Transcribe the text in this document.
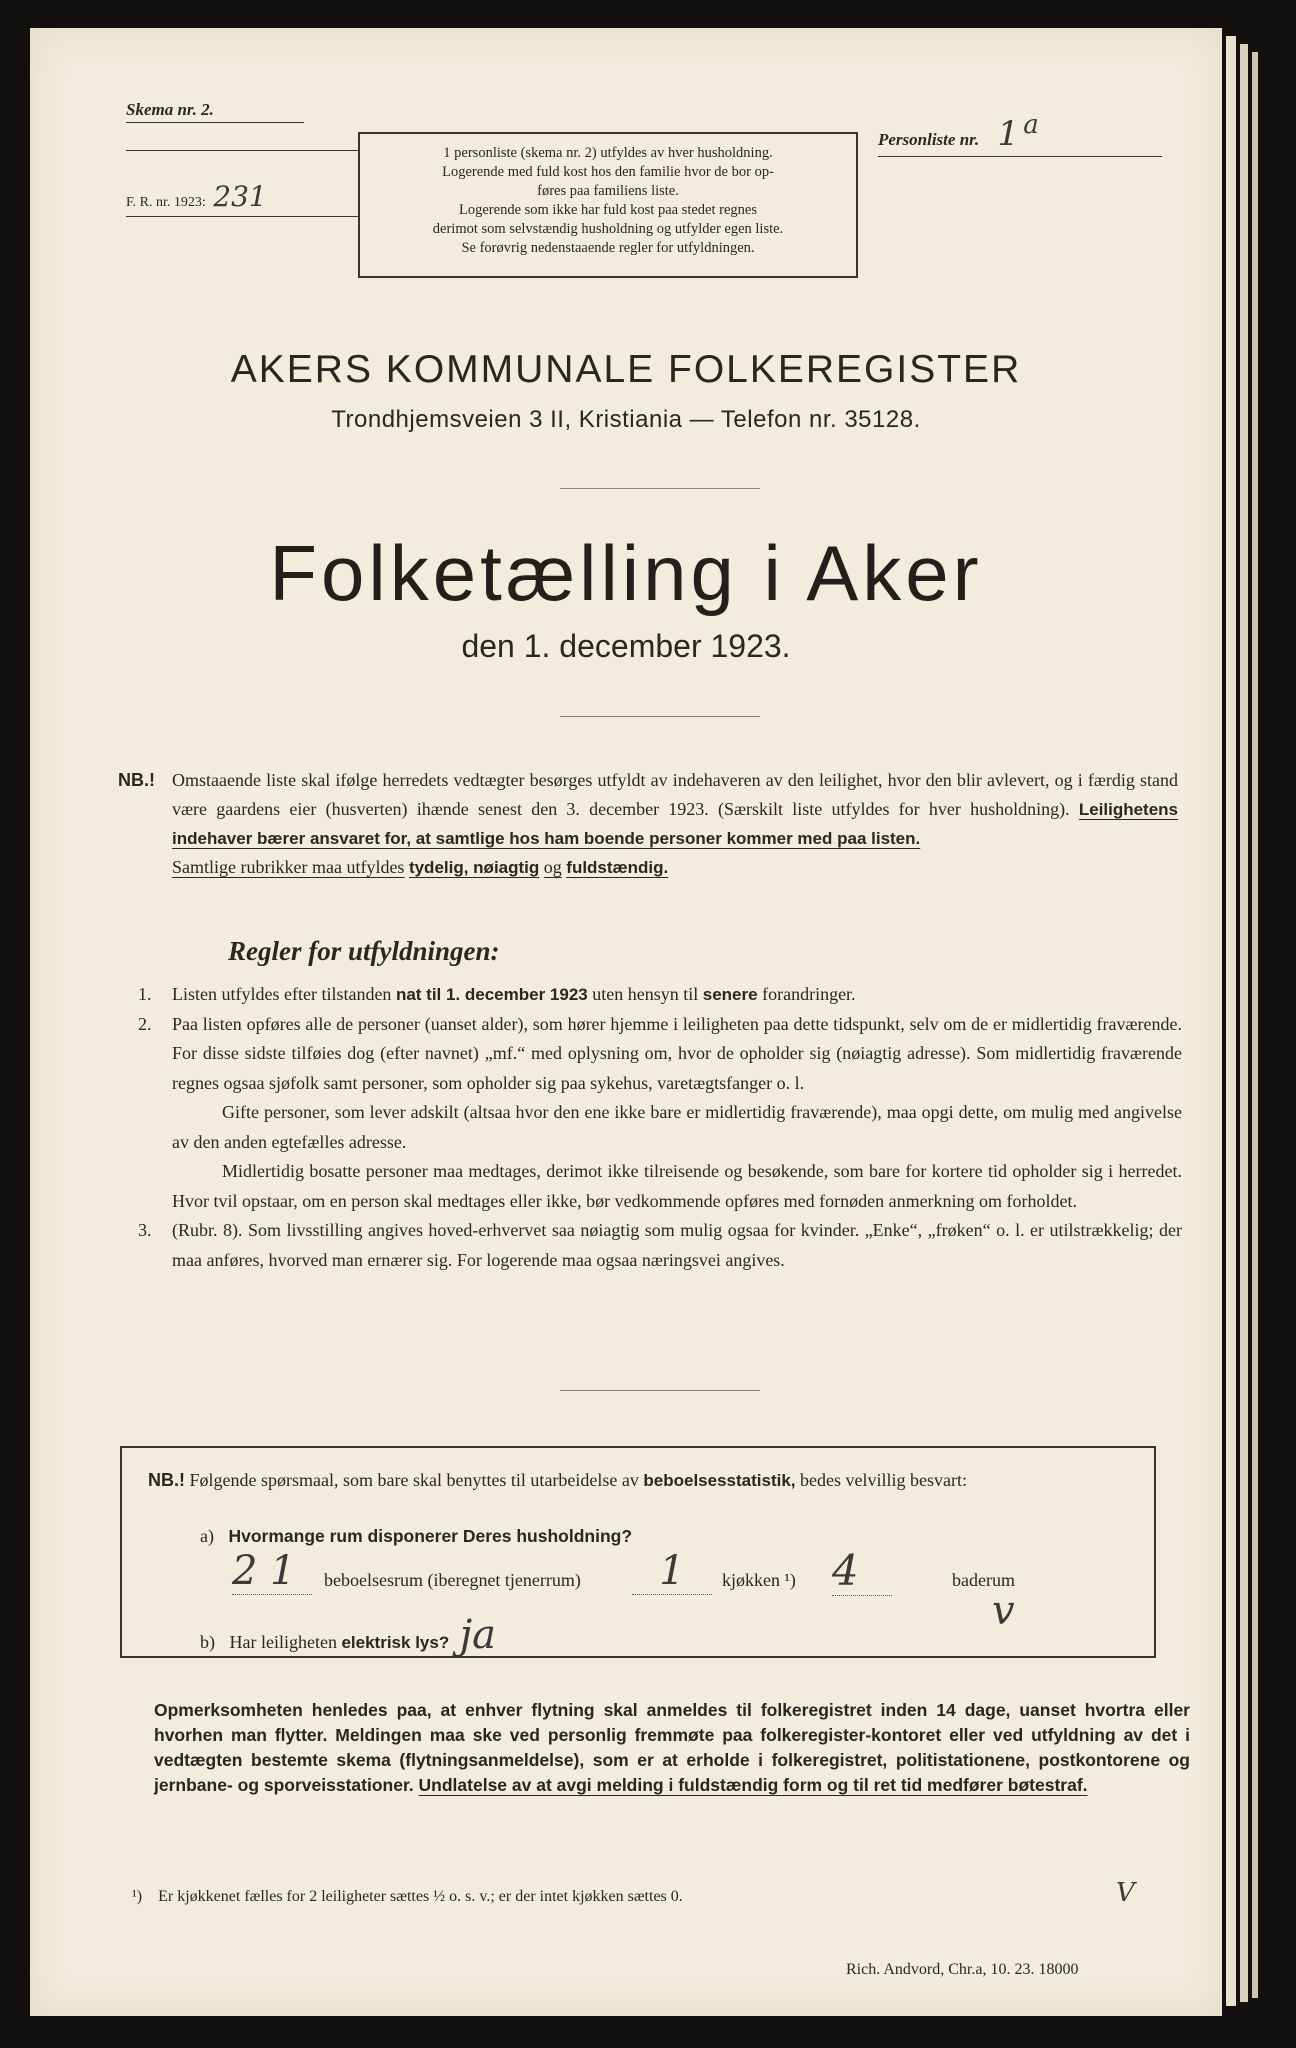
Skema nr. 2.
F. R. nr. 1923: 231
1 personliste (skema nr. 2) utfyldes av hver husholdning.
Logerende med fuld kost hos den familie hvor de bor op-
føres paa familiens liste.
Logerende som ikke har fuld kost paa stedet regnes
derimot som selvstændig husholdning og utfylder egen liste.
Se forøvrig nedenstaaende regler for utfyldningen.
Personliste nr. 1 a
AKERS KOMMUNALE FOLKEREGISTER
Trondhjemsveien 3 II, Kristiania — Telefon nr. 35128.
Folketælling i Aker
den 1. december 1923.
NB.! Omstaaende liste skal ifølge herredets vedtægter besørges utfyldt av indehaveren av den leilighet, hvor den blir avlevert, og i færdig stand være gaardens eier (husverten) ihænde senest den 3. december 1923. (Særskilt liste utfyldes for hver husholdning). Leilighetens indehaver bærer ansvaret for, at samtlige hos ham boende personer kommer med paa listen.

Samtlige rubrikker maa utfyldes tydelig, nøiagtig og fuldstændig.

Regler for utfyldningen:
1. Listen utfyldes efter tilstanden nat til 1. december 1923 uten hensyn til senere forandringer.

2. Paa listen opføres alle de personer (uanset alder), som hører hjemme i leiligheten paa dette tidspunkt, selv om de er midlertidig fraværende. For disse sidste tilføies dog (efter navnet) „mf.“ med oplysning om, hvor de opholder sig (nøiagtig adresse). Som midlertidig fraværende regnes ogsaa sjøfolk samt personer, som opholder sig paa sykehus, varetægtsfanger o. l.

Gifte personer, som lever adskilt (altsaa hvor den ene ikke bare er midlertidig fraværende), maa opgi dette, om mulig med angivelse av den anden egtefælles adresse.

Midlertidig bosatte personer maa medtages, derimot ikke tilreisende og besøkende, som bare for kortere tid opholder sig i herredet. Hvor tvil opstaar, om en person skal medtages eller ikke, bør vedkommende opføres med fornøden anmerkning om forholdet.

3. (Rubr. 8). Som livsstilling angives hoved-erhvervet saa nøiagtig som mulig ogsaa for kvinder. „Enke“, „frøken“ o. l. er utilstrækkelig; der maa anføres, hvorved man ernærer sig. For logerende maa ogsaa næringsvei angives.

NB.! Følgende spørsmaal, som bare skal benyttes til utarbeidelse av beboelsesstatistik, bedes velvillig besvart:
a) Hvormange rum disponerer Deres husholdning?
2 1	beboelsesrum (iberegnet tjenerrum)	1	kjøkken ¹) 4	baderum
b) Har leiligheten elektrisk lys? ja
v
Opmerksomheten henledes paa, at enhver flytning skal anmeldes til folkeregistret inden 14 dage, uanset hvortra eller hvorhen man flytter. Meldingen maa ske ved personlig fremmøte paa folkeregister-kontoret eller ved utfyldning av det i vedtægten bestemte skema (flytningsanmeldelse), som er at erholde i folkeregistret, politistationene, postkontorene og jernbane- og sporveisstationer. Undlatelse av at avgi melding i fuldstændig form og til ret tid medfører bøtestraf.
¹) Er kjøkkenet fælles for 2 leiligheter sættes ½ o. s. v.; er der intet kjøkken sættes 0.	V
Rich. Andvord, Chr.a, 10. 23. 18000
